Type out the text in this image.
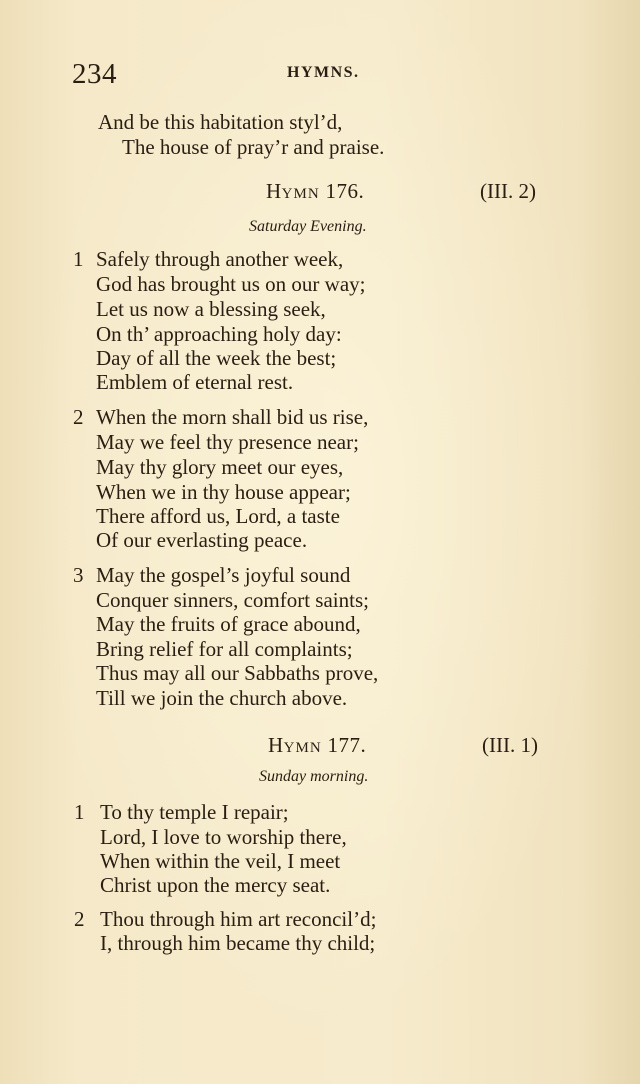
234	HYMNS.
And be this habitation styl’d,
The house of pray’r and praise.
HYMN 176.	(III. 2)
Saturday Evening.
1 Safely through another week,
God has brought us on our way;
Let us now a blessing seek,
On th’ approaching holy day:
Day of all the week the best;
Emblem of eternal rest.
2 When the morn shall bid us rise,
May we feel thy presence near;
May thy glory meet our eyes,
When we in thy house appear;
There afford us, Lord, a taste
Of our everlasting peace.
3 May the gospel’s joyful sound
Conquer sinners, comfort saints;
May the fruits of grace abound,
Bring relief for all complaints;
Thus may all our Sabbaths prove,
Till we join the church above.
HYMN 177.	(III. 1)
Sunday morning.
1 To thy temple I repair;
Lord, I love to worship there,
When within the veil, I meet
Christ upon the mercy seat.
2 Thou through him art reconcil’d;
I, through him became thy child;
